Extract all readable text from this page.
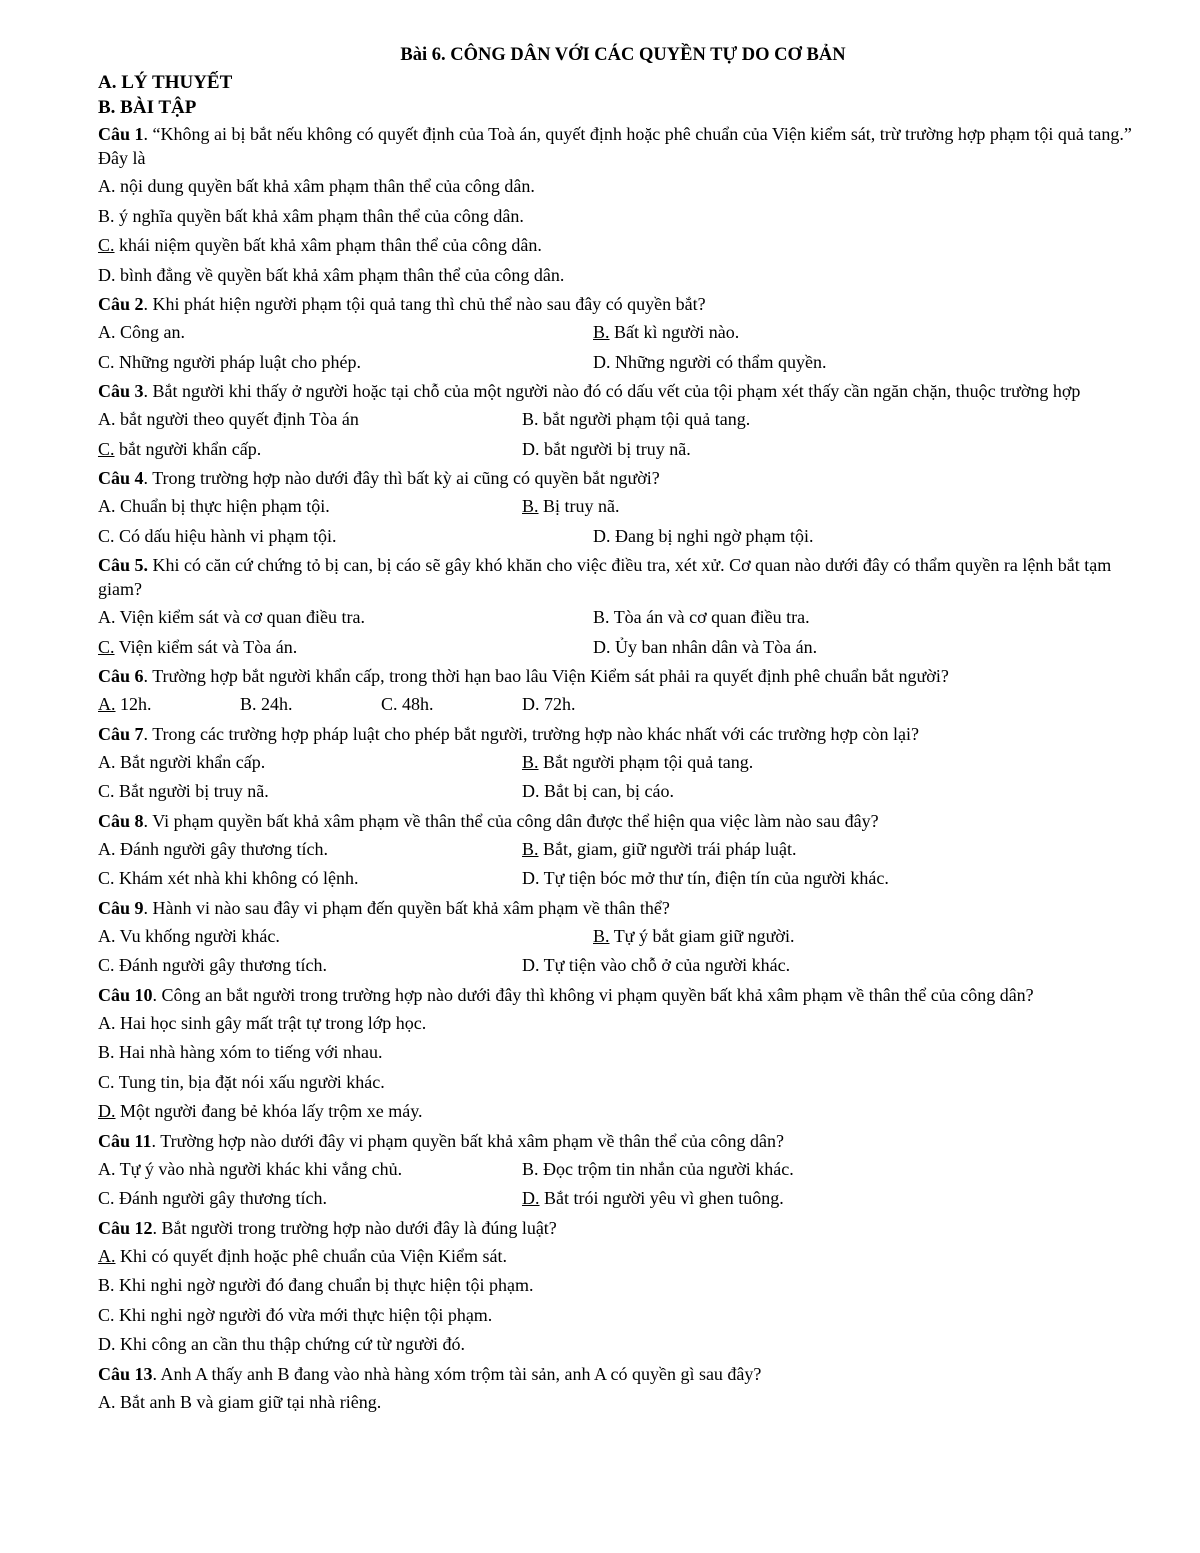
Bài 6. CÔNG DÂN VỚI CÁC QUYỀN TỰ DO CƠ BẢN
A. LÝ THUYẾT
B. BÀI TẬP
Câu 1. “Không ai bị bắt nếu không có quyết định của Toà án, quyết định hoặc phê chuẩn của Viện kiểm sát, trừ trường hợp phạm tội quả tang.” Đây là
A. nội dung quyền bất khả xâm phạm thân thể của công dân.
B. ý nghĩa quyền bất khả xâm phạm thân thể của công dân.
C. khái niệm quyền bất khả xâm phạm thân thể của công dân.
D. bình đẳng về quyền bất khả xâm phạm thân thể của công dân.
Câu 2. Khi phát hiện người phạm tội quả tang thì chủ thể nào sau đây có quyền bắt?
A. Công an.	B. Bất kì người nào.
C. Những người pháp luật cho phép.	D. Những người có thẩm quyền.
Câu 3. Bắt người khi thấy ở người hoặc tại chỗ của một người nào đó có dấu vết của tội phạm xét thấy cần ngăn chặn, thuộc trường hợp
A. bắt người theo quyết định Tòa án	B. bắt người phạm tội quả tang.
C. bắt người khẩn cấp.	D. bắt người bị truy nã.
Câu 4. Trong trường hợp nào dưới đây thì bất kỳ ai cũng có quyền bắt người?
A. Chuẩn bị thực hiện phạm tội.	B. Bị truy nã.
C. Có dấu hiệu hành vi phạm tội.	D. Đang bị nghi ngờ phạm tội.
Câu 5. Khi có căn cứ chứng tỏ bị can, bị cáo sẽ gây khó khăn cho việc điều tra, xét xử. Cơ quan nào dưới đây có thẩm quyền ra lệnh bắt tạm giam?
A. Viện kiểm sát và cơ quan điều tra.	B. Tòa án và cơ quan điều tra.
C. Viện kiểm sát và Tòa án.	D. Ủy ban nhân dân và Tòa án.
Câu 6. Trường hợp bắt người khẩn cấp, trong thời hạn bao lâu Viện Kiểm sát phải ra quyết định phê chuẩn bắt người?
A. 12h.	B. 24h.	C. 48h.	D. 72h.
Câu 7. Trong các trường hợp pháp luật cho phép bắt người, trường hợp nào khác nhất với các trường hợp còn lại?
A. Bắt người khẩn cấp.	B. Bắt người phạm tội quả tang.
C. Bắt người bị truy nã.	D. Bắt bị can, bị cáo.
Câu 8. Vi phạm quyền bất khả xâm phạm về thân thể của công dân được thể hiện qua việc làm nào sau đây?
A. Đánh người gây thương tích.	B. Bắt, giam, giữ người trái pháp luật.
C. Khám xét nhà khi không có lệnh.	D. Tự tiện bóc mở thư tín, điện tín của người khác.
Câu 9. Hành vi nào sau đây vi phạm đến quyền bất khả xâm phạm về thân thể?
A. Vu khống người khác.	B. Tự ý bắt giam giữ người.
C. Đánh người gây thương tích.	D. Tự tiện vào chỗ ở của người khác.
Câu 10. Công an bắt người trong trường hợp nào dưới đây thì không vi phạm quyền bất khả xâm phạm về thân thể của công dân?
A. Hai học sinh gây mất trật tự trong lớp học.
B. Hai nhà hàng xóm to tiếng với nhau.
C. Tung tin, bịa đặt nói xấu người khác.
D. Một người đang bẻ khóa lấy trộm xe máy.
Câu 11. Trường hợp nào dưới đây vi phạm quyền bất khả xâm phạm về thân thể của công dân?
A. Tự ý vào nhà người khác khi vắng chủ.	B. Đọc trộm tin nhắn của người khác.
C. Đánh người gây thương tích.	D. Bắt trói người yêu vì ghen tuông.
Câu 12. Bắt người trong trường hợp nào dưới đây là đúng luật?
A. Khi có quyết định hoặc phê chuẩn của Viện Kiểm sát.
B. Khi nghi ngờ người đó đang chuẩn bị thực hiện tội phạm.
C. Khi nghi ngờ người đó vừa mới thực hiện tội phạm.
D. Khi công an cần thu thập chứng cứ từ người đó.
Câu 13. Anh A thấy anh B đang vào nhà hàng xóm trộm tài sản, anh A có quyền gì sau đây?
A. Bắt anh B và giam giữ tại nhà riêng.
